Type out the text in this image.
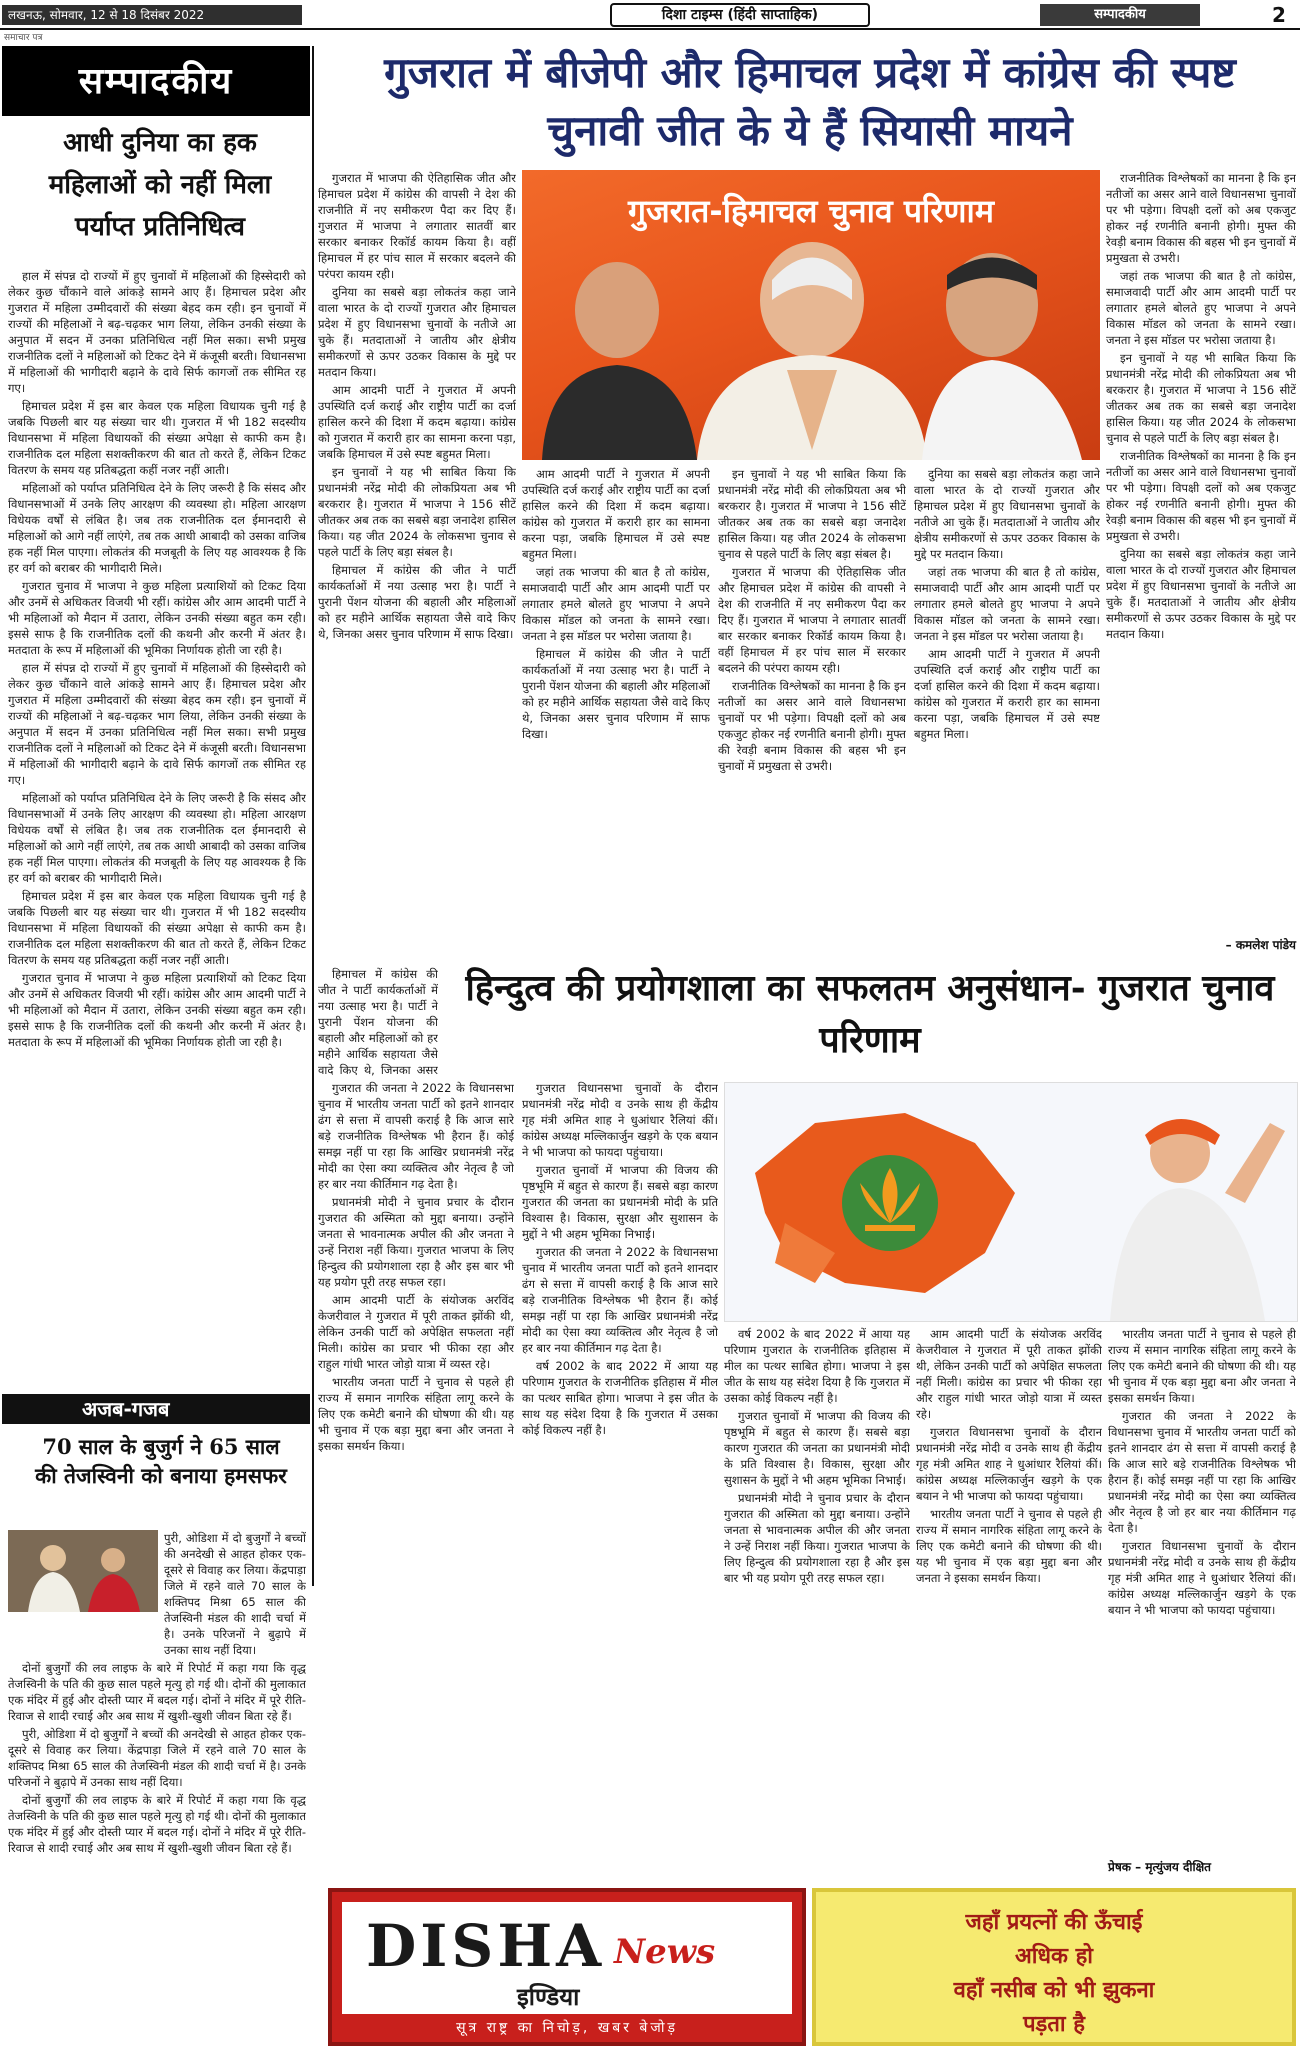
लखनऊ, सोमवार, 12 से 18 दिसंबर 2022	दिशा टाइम्स (हिंदी साप्ताहिक)	सम्पादकीय	2
समाचार पत्र
सम्पादकीय	गुजरात में बीजेपी और हिमाचल प्रदेश में कांग्रेस की स्पष्ट चुनावी जीत के ये हैं सियासी मायने
आधी दुनिया का हक महिलाओं को नहीं मिला पर्याप्त प्रतिनिधित्व

हाल में संपन्न दो राज्यों में हुए चुनावों में महिलाओं की हिस्सेदारी को लेकर कुछ चौंकाने वाले आंकड़े सामने आए हैं। हिमाचल प्रदेश और गुजरात में महिला उम्मीदवारों की संख्या बेहद कम रही। इन चुनावों में राज्यों की महिलाओं ने बढ़-चढ़कर भाग लिया, लेकिन उनकी संख्या के अनुपात में सदन में उनका प्रतिनिधित्व नहीं मिल सका। सभी प्रमुख राजनीतिक दलों ने महिलाओं को टिकट देने में कंजूसी बरती। विधानसभा में महिलाओं की भागीदारी बढ़ाने के दावे सिर्फ कागजों तक सीमित रह गए।

हिमाचल प्रदेश में इस बार केवल एक महिला विधायक चुनी गई है जबकि पिछली बार यह संख्या चार थी। गुजरात में भी 182 सदस्यीय विधानसभा में महिला विधायकों की संख्या अपेक्षा से काफी कम है। राजनीतिक दल महिला सशक्तीकरण की बात तो करते हैं, लेकिन टिकट वितरण के समय यह प्रतिबद्धता कहीं नजर नहीं आती।

महिलाओं को पर्याप्त प्रतिनिधित्व देने के लिए जरूरी है कि संसद और विधानसभाओं में उनके लिए आरक्षण की व्यवस्था हो। महिला आरक्षण विधेयक वर्षों से लंबित है। जब तक राजनीतिक दल ईमानदारी से महिलाओं को आगे नहीं लाएंगे, तब तक आधी आबादी को उसका वाजिब हक नहीं मिल पाएगा। लोकतंत्र की मजबूती के लिए यह आवश्यक है कि हर वर्ग को बराबर की भागीदारी मिले।

गुजरात चुनाव में भाजपा ने कुछ महिला प्रत्याशियों को टिकट दिया और उनमें से अधिकतर विजयी भी रहीं। कांग्रेस और आम आदमी पार्टी ने भी महिलाओं को मैदान में उतारा, लेकिन उनकी संख्या बहुत कम रही। इससे साफ है कि राजनीतिक दलों की कथनी और करनी में अंतर है। मतदाता के रूप में महिलाओं की भूमिका निर्णायक होती जा रही है।

हाल में संपन्न दो राज्यों में हुए चुनावों में महिलाओं की हिस्सेदारी को लेकर कुछ चौंकाने वाले आंकड़े सामने आए हैं। हिमाचल प्रदेश और गुजरात में महिला उम्मीदवारों की संख्या बेहद कम रही। इन चुनावों में राज्यों की महिलाओं ने बढ़-चढ़कर भाग लिया, लेकिन उनकी संख्या के अनुपात में सदन में उनका प्रतिनिधित्व नहीं मिल सका। सभी प्रमुख राजनीतिक दलों ने महिलाओं को टिकट देने में कंजूसी बरती। विधानसभा में महिलाओं की भागीदारी बढ़ाने के दावे सिर्फ कागजों तक सीमित रह गए।

महिलाओं को पर्याप्त प्रतिनिधित्व देने के लिए जरूरी है कि संसद और विधानसभाओं में उनके लिए आरक्षण की व्यवस्था हो। महिला आरक्षण विधेयक वर्षों से लंबित है। जब तक राजनीतिक दल ईमानदारी से महिलाओं को आगे नहीं लाएंगे, तब तक आधी आबादी को उसका वाजिब हक नहीं मिल पाएगा। लोकतंत्र की मजबूती के लिए यह आवश्यक है कि हर वर्ग को बराबर की भागीदारी मिले।

हिमाचल प्रदेश में इस बार केवल एक महिला विधायक चुनी गई है जबकि पिछली बार यह संख्या चार थी। गुजरात में भी 182 सदस्यीय विधानसभा में महिला विधायकों की संख्या अपेक्षा से काफी कम है। राजनीतिक दल महिला सशक्तीकरण की बात तो करते हैं, लेकिन टिकट वितरण के समय यह प्रतिबद्धता कहीं नजर नहीं आती।

गुजरात चुनाव में भाजपा ने कुछ महिला प्रत्याशियों को टिकट दिया और उनमें से अधिकतर विजयी भी रहीं। कांग्रेस और आम आदमी पार्टी ने भी महिलाओं को मैदान में उतारा, लेकिन उनकी संख्या बहुत कम रही। इससे साफ है कि राजनीतिक दलों की कथनी और करनी में अंतर है। मतदाता के रूप में महिलाओं की भूमिका निर्णायक होती जा रही है।

गुजरात में भाजपा की ऐतिहासिक जीत और हिमाचल प्रदेश में कांग्रेस की वापसी ने देश की राजनीति में नए समीकरण पैदा कर दिए हैं। गुजरात में भाजपा ने लगातार सातवीं बार सरकार बनाकर रिकॉर्ड कायम किया है। वहीं हिमाचल में हर पांच साल में सरकार बदलने की परंपरा कायम रही।

दुनिया का सबसे बड़ा लोकतंत्र कहा जाने वाला भारत के दो राज्यों गुजरात और हिमाचल प्रदेश में हुए विधानसभा चुनावों के नतीजे आ चुके हैं। मतदाताओं ने जातीय और क्षेत्रीय समीकरणों से ऊपर उठकर विकास के मुद्दे पर मतदान किया।

आम आदमी पार्टी ने गुजरात में अपनी उपस्थिति दर्ज कराई और राष्ट्रीय पार्टी का दर्जा हासिल करने की दिशा में कदम बढ़ाया। कांग्रेस को गुजरात में करारी हार का सामना करना पड़ा, जबकि हिमाचल में उसे स्पष्ट बहुमत मिला।

इन चुनावों ने यह भी साबित किया कि प्रधानमंत्री नरेंद्र मोदी की लोकप्रियता अब भी बरकरार है। गुजरात में भाजपा ने 156 सीटें जीतकर अब तक का सबसे बड़ा जनादेश हासिल किया। यह जीत 2024 के लोकसभा चुनाव से पहले पार्टी के लिए बड़ा संबल है।

हिमाचल में कांग्रेस की जीत ने पार्टी कार्यकर्ताओं में नया उत्साह भरा है। पार्टी ने पुरानी पेंशन योजना की बहाली और महिलाओं को हर महीने आर्थिक सहायता जैसे वादे किए थे, जिनका असर चुनाव परिणाम में साफ दिखा।

गुजरात-हिमाचल चुनाव परिणाम

राजनीतिक विश्लेषकों का मानना है कि इन नतीजों का असर आने वाले विधानसभा चुनावों पर भी पड़ेगा। विपक्षी दलों को अब एकजुट होकर नई रणनीति बनानी होगी। मुफ्त की रेवड़ी बनाम विकास की बहस भी इन चुनावों में प्रमुखता से उभरी।

जहां तक भाजपा की बात है तो कांग्रेस, समाजवादी पार्टी और आम आदमी पार्टी पर लगातार हमले बोलते हुए भाजपा ने अपने विकास मॉडल को जनता के सामने रखा। जनता ने इस मॉडल पर भरोसा जताया है।

इन चुनावों ने यह भी साबित किया कि प्रधानमंत्री नरेंद्र मोदी की लोकप्रियता अब भी बरकरार है। गुजरात में भाजपा ने 156 सीटें जीतकर अब तक का सबसे बड़ा जनादेश हासिल किया। यह जीत 2024 के लोकसभा चुनाव से पहले पार्टी के लिए बड़ा संबल है।

राजनीतिक विश्लेषकों का मानना है कि इन नतीजों का असर आने वाले विधानसभा चुनावों पर भी पड़ेगा। विपक्षी दलों को अब एकजुट होकर नई रणनीति बनानी होगी। मुफ्त की रेवड़ी बनाम विकास की बहस भी इन चुनावों में प्रमुखता से उभरी।

दुनिया का सबसे बड़ा लोकतंत्र कहा जाने वाला भारत के दो राज्यों गुजरात और हिमाचल प्रदेश में हुए विधानसभा चुनावों के नतीजे आ चुके हैं। मतदाताओं ने जातीय और क्षेत्रीय समीकरणों से ऊपर उठकर विकास के मुद्दे पर मतदान किया।

आम आदमी पार्टी ने गुजरात में अपनी उपस्थिति दर्ज कराई और राष्ट्रीय पार्टी का दर्जा हासिल करने की दिशा में कदम बढ़ाया। कांग्रेस को गुजरात में करारी हार का सामना करना पड़ा, जबकि हिमाचल में उसे स्पष्ट बहुमत मिला।

जहां तक भाजपा की बात है तो कांग्रेस, समाजवादी पार्टी और आम आदमी पार्टी पर लगातार हमले बोलते हुए भाजपा ने अपने विकास मॉडल को जनता के सामने रखा। जनता ने इस मॉडल पर भरोसा जताया है।

हिमाचल में कांग्रेस की जीत ने पार्टी कार्यकर्ताओं में नया उत्साह भरा है। पार्टी ने पुरानी पेंशन योजना की बहाली और महिलाओं को हर महीने आर्थिक सहायता जैसे वादे किए थे, जिनका असर चुनाव परिणाम में साफ दिखा।

इन चुनावों ने यह भी साबित किया कि प्रधानमंत्री नरेंद्र मोदी की लोकप्रियता अब भी बरकरार है। गुजरात में भाजपा ने 156 सीटें जीतकर अब तक का सबसे बड़ा जनादेश हासिल किया। यह जीत 2024 के लोकसभा चुनाव से पहले पार्टी के लिए बड़ा संबल है।

गुजरात में भाजपा की ऐतिहासिक जीत और हिमाचल प्रदेश में कांग्रेस की वापसी ने देश की राजनीति में नए समीकरण पैदा कर दिए हैं। गुजरात में भाजपा ने लगातार सातवीं बार सरकार बनाकर रिकॉर्ड कायम किया है। वहीं हिमाचल में हर पांच साल में सरकार बदलने की परंपरा कायम रही।

राजनीतिक विश्लेषकों का मानना है कि इन नतीजों का असर आने वाले विधानसभा चुनावों पर भी पड़ेगा। विपक्षी दलों को अब एकजुट होकर नई रणनीति बनानी होगी। मुफ्त की रेवड़ी बनाम विकास की बहस भी इन चुनावों में प्रमुखता से उभरी।

दुनिया का सबसे बड़ा लोकतंत्र कहा जाने वाला भारत के दो राज्यों गुजरात और हिमाचल प्रदेश में हुए विधानसभा चुनावों के नतीजे आ चुके हैं। मतदाताओं ने जातीय और क्षेत्रीय समीकरणों से ऊपर उठकर विकास के मुद्दे पर मतदान किया।

जहां तक भाजपा की बात है तो कांग्रेस, समाजवादी पार्टी और आम आदमी पार्टी पर लगातार हमले बोलते हुए भाजपा ने अपने विकास मॉडल को जनता के सामने रखा। जनता ने इस मॉडल पर भरोसा जताया है।

आम आदमी पार्टी ने गुजरात में अपनी उपस्थिति दर्ज कराई और राष्ट्रीय पार्टी का दर्जा हासिल करने की दिशा में कदम बढ़ाया। कांग्रेस को गुजरात में करारी हार का सामना करना पड़ा, जबकि हिमाचल में उसे स्पष्ट बहुमत मिला।

– कमलेश पांडेय
हिन्दुत्व की प्रयोगशाला का सफलतम अनुसंधान- गुजरात चुनाव परिणाम

हिमाचल में कांग्रेस की जीत ने पार्टी कार्यकर्ताओं में नया उत्साह भरा है। पार्टी ने पुरानी पेंशन योजना की बहाली और महिलाओं को हर महीने आर्थिक सहायता जैसे वादे किए थे, जिनका असर

अजब-गजब
70 साल के बुजुर्ग ने 65 साल की तेजस्विनी को बनाया हमसफर

पुरी, ओडिशा में दो बुजुर्गों ने बच्चों की अनदेखी से आहत होकर एक-दूसरे से विवाह कर लिया। केंद्रपाड़ा जिले में रहने वाले 70 साल के शक्तिपद मिश्रा 65 साल की तेजस्विनी मंडल की शादी चर्चा में है। उनके परिजनों ने बुढ़ापे में उनका साथ नहीं दिया।

दोनों बुजुर्गों की लव लाइफ के बारे में रिपोर्ट में कहा गया कि वृद्ध तेजस्विनी के पति की कुछ साल पहले मृत्यु हो गई थी। दोनों की मुलाकात एक मंदिर में हुई और दोस्ती प्यार में बदल गई। दोनों ने मंदिर में पूरे रीति-रिवाज से शादी रचाई और अब साथ में खुशी-खुशी जीवन बिता रहे हैं।

पुरी, ओडिशा में दो बुजुर्गों ने बच्चों की अनदेखी से आहत होकर एक-दूसरे से विवाह कर लिया। केंद्रपाड़ा जिले में रहने वाले 70 साल के शक्तिपद मिश्रा 65 साल की तेजस्विनी मंडल की शादी चर्चा में है। उनके परिजनों ने बुढ़ापे में उनका साथ नहीं दिया।

दोनों बुजुर्गों की लव लाइफ के बारे में रिपोर्ट में कहा गया कि वृद्ध तेजस्विनी के पति की कुछ साल पहले मृत्यु हो गई थी। दोनों की मुलाकात एक मंदिर में हुई और दोस्ती प्यार में बदल गई। दोनों ने मंदिर में पूरे रीति-रिवाज से शादी रचाई और अब साथ में खुशी-खुशी जीवन बिता रहे हैं।

गुजरात की जनता ने 2022 के विधानसभा चुनाव में भारतीय जनता पार्टी को इतने शानदार ढंग से सत्ता में वापसी कराई है कि आज सारे बड़े राजनीतिक विश्लेषक भी हैरान हैं। कोई समझ नहीं पा रहा कि आखिर प्रधानमंत्री नरेंद्र मोदी का ऐसा क्या व्यक्तित्व और नेतृत्व है जो हर बार नया कीर्तिमान गढ़ देता है।

प्रधानमंत्री मोदी ने चुनाव प्रचार के दौरान गुजरात की अस्मिता को मुद्दा बनाया। उन्होंने जनता से भावनात्मक अपील की और जनता ने उन्हें निराश नहीं किया। गुजरात भाजपा के लिए हिन्दुत्व की प्रयोगशाला रहा है और इस बार भी यह प्रयोग पूरी तरह सफल रहा।

आम आदमी पार्टी के संयोजक अरविंद केजरीवाल ने गुजरात में पूरी ताकत झोंकी थी, लेकिन उनकी पार्टी को अपेक्षित सफलता नहीं मिली। कांग्रेस का प्रचार भी फीका रहा और राहुल गांधी भारत जोड़ो यात्रा में व्यस्त रहे।

भारतीय जनता पार्टी ने चुनाव से पहले ही राज्य में समान नागरिक संहिता लागू करने के लिए एक कमेटी बनाने की घोषणा की थी। यह भी चुनाव में एक बड़ा मुद्दा बना और जनता ने इसका समर्थन किया।

गुजरात विधानसभा चुनावों के दौरान प्रधानमंत्री नरेंद्र मोदी व उनके साथ ही केंद्रीय गृह मंत्री अमित शाह ने धुआंधार रैलियां कीं। कांग्रेस अध्यक्ष मल्लिकार्जुन खड़गे के एक बयान ने भी भाजपा को फायदा पहुंचाया।

गुजरात चुनावों में भाजपा की विजय की पृष्ठभूमि में बहुत से कारण हैं। सबसे बड़ा कारण गुजरात की जनता का प्रधानमंत्री मोदी के प्रति विश्वास है। विकास, सुरक्षा और सुशासन के मुद्दों ने भी अहम भूमिका निभाई।

गुजरात की जनता ने 2022 के विधानसभा चुनाव में भारतीय जनता पार्टी को इतने शानदार ढंग से सत्ता में वापसी कराई है कि आज सारे बड़े राजनीतिक विश्लेषक भी हैरान हैं। कोई समझ नहीं पा रहा कि आखिर प्रधानमंत्री नरेंद्र मोदी का ऐसा क्या व्यक्तित्व और नेतृत्व है जो हर बार नया कीर्तिमान गढ़ देता है।

वर्ष 2002 के बाद 2022 में आया यह परिणाम गुजरात के राजनीतिक इतिहास में मील का पत्थर साबित होगा। भाजपा ने इस जीत के साथ यह संदेश दिया है कि गुजरात में उसका कोई विकल्प नहीं है।

वर्ष 2002 के बाद 2022 में आया यह परिणाम गुजरात के राजनीतिक इतिहास में मील का पत्थर साबित होगा। भाजपा ने इस जीत के साथ यह संदेश दिया है कि गुजरात में उसका कोई विकल्प नहीं है।

गुजरात चुनावों में भाजपा की विजय की पृष्ठभूमि में बहुत से कारण हैं। सबसे बड़ा कारण गुजरात की जनता का प्रधानमंत्री मोदी के प्रति विश्वास है। विकास, सुरक्षा और सुशासन के मुद्दों ने भी अहम भूमिका निभाई।

प्रधानमंत्री मोदी ने चुनाव प्रचार के दौरान गुजरात की अस्मिता को मुद्दा बनाया। उन्होंने जनता से भावनात्मक अपील की और जनता ने उन्हें निराश नहीं किया। गुजरात भाजपा के लिए हिन्दुत्व की प्रयोगशाला रहा है और इस बार भी यह प्रयोग पूरी तरह सफल रहा।

आम आदमी पार्टी के संयोजक अरविंद केजरीवाल ने गुजरात में पूरी ताकत झोंकी थी, लेकिन उनकी पार्टी को अपेक्षित सफलता नहीं मिली। कांग्रेस का प्रचार भी फीका रहा और राहुल गांधी भारत जोड़ो यात्रा में व्यस्त रहे।

गुजरात विधानसभा चुनावों के दौरान प्रधानमंत्री नरेंद्र मोदी व उनके साथ ही केंद्रीय गृह मंत्री अमित शाह ने धुआंधार रैलियां कीं। कांग्रेस अध्यक्ष मल्लिकार्जुन खड़गे के एक बयान ने भी भाजपा को फायदा पहुंचाया।

भारतीय जनता पार्टी ने चुनाव से पहले ही राज्य में समान नागरिक संहिता लागू करने के लिए एक कमेटी बनाने की घोषणा की थी। यह भी चुनाव में एक बड़ा मुद्दा बना और जनता ने इसका समर्थन किया।

भारतीय जनता पार्टी ने चुनाव से पहले ही राज्य में समान नागरिक संहिता लागू करने के लिए एक कमेटी बनाने की घोषणा की थी। यह भी चुनाव में एक बड़ा मुद्दा बना और जनता ने इसका समर्थन किया।

गुजरात की जनता ने 2022 के विधानसभा चुनाव में भारतीय जनता पार्टी को इतने शानदार ढंग से सत्ता में वापसी कराई है कि आज सारे बड़े राजनीतिक विश्लेषक भी हैरान हैं। कोई समझ नहीं पा रहा कि आखिर प्रधानमंत्री नरेंद्र मोदी का ऐसा क्या व्यक्तित्व और नेतृत्व है जो हर बार नया कीर्तिमान गढ़ देता है।

गुजरात विधानसभा चुनावों के दौरान प्रधानमंत्री नरेंद्र मोदी व उनके साथ ही केंद्रीय गृह मंत्री अमित शाह ने धुआंधार रैलियां कीं। कांग्रेस अध्यक्ष मल्लिकार्जुन खड़गे के एक बयान ने भी भाजपा को फायदा पहुंचाया।

प्रेषक – मृत्युंजय दीक्षित
DISHA News
इण्डिया
सूत्र राष्ट्र का निचोड़, खबर बेजोड़
जहाँ प्रयत्नों की ऊँचाई
अधिक हो
वहाँ नसीब को भी झुकना
पड़ता है
